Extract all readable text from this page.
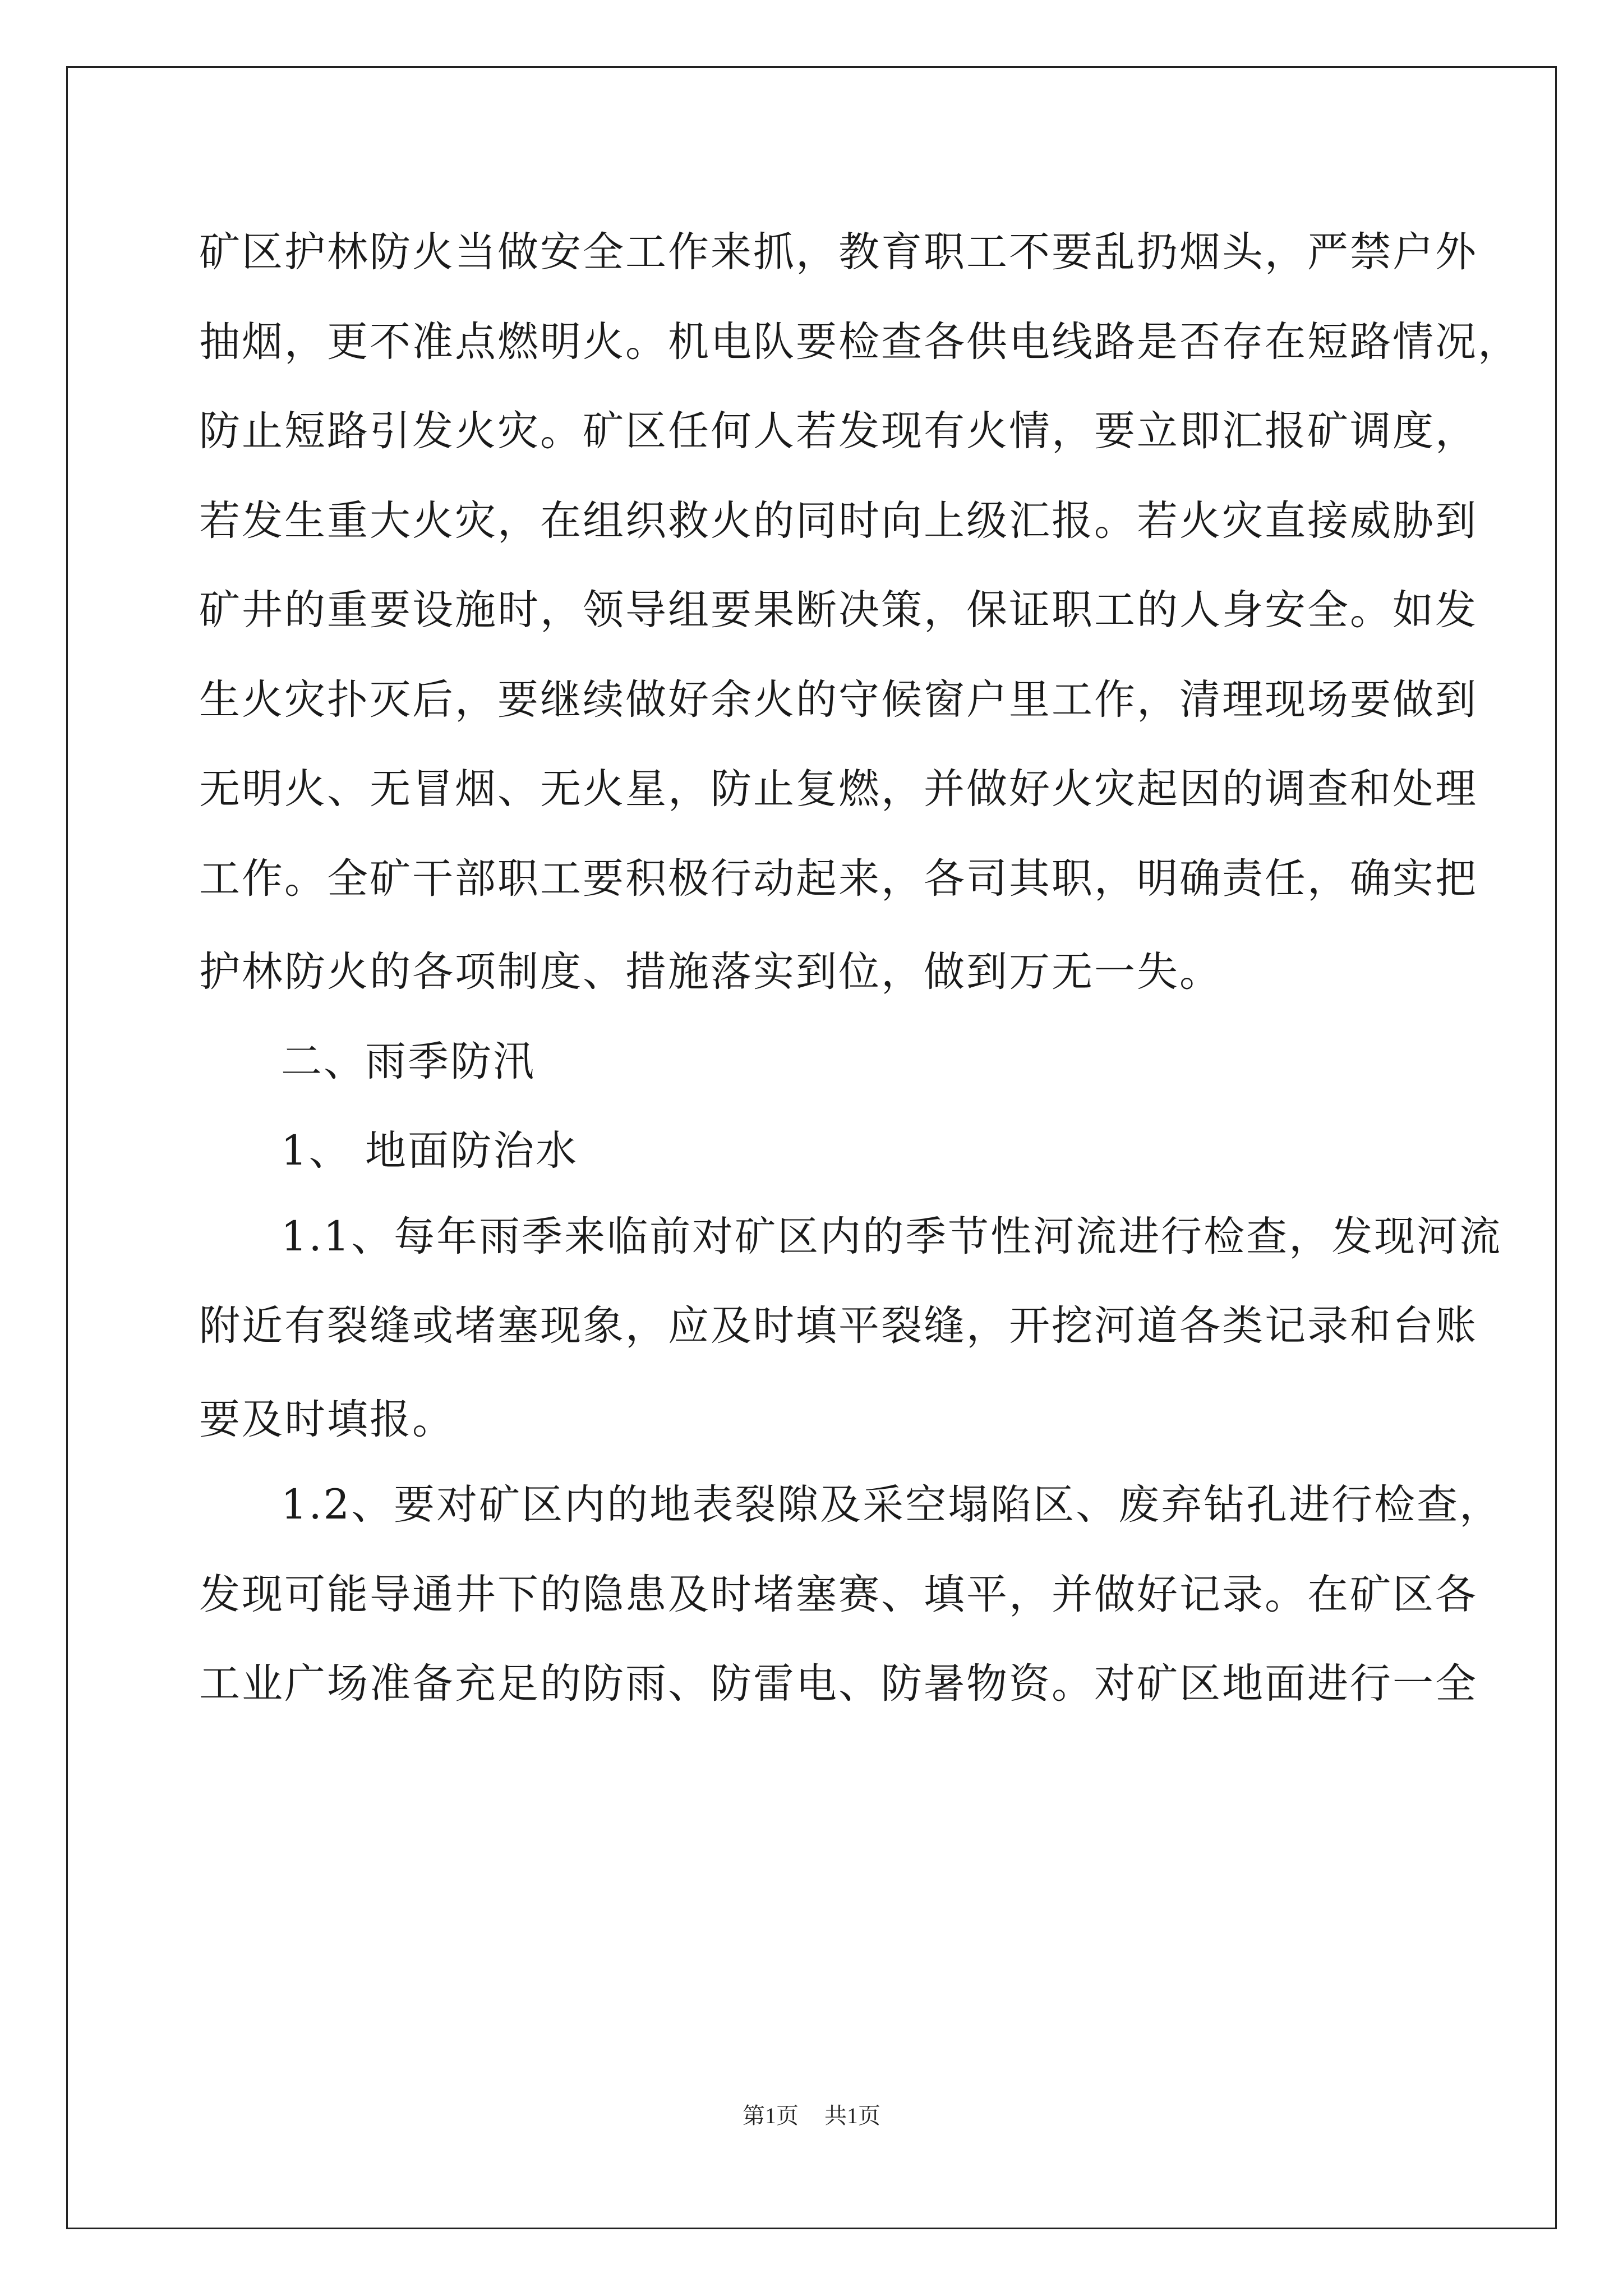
矿区护林防火当做安全工作来抓，教育职工不要乱扔烟头，严禁户外
抽烟，更不准点燃明火。机电队要检查各供电线路是否存在短路情况，
防止短路引发火灾。矿区任何人若发现有火情，要立即汇报矿调度，
若发生重大火灾，在组织救火的同时向上级汇报。若火灾直接威胁到
矿井的重要设施时，领导组要果断决策，保证职工的人身安全。如发
生火灾扑灭后，要继续做好余火的守候窗户里工作，清理现场要做到
无明火、无冒烟、无火星，防止复燃，并做好火灾起因的调查和处理
工作。全矿干部职工要积极行动起来，各司其职，明确责任，确实把
护林防火的各项制度、措施落实到位，做到万无一失。
二、
雨季防汛
1、 地面防治水
1.1、每年雨季来临前对矿区内的季节性河流进行检查，发现河流
附近有裂缝或堵塞现象，应及时填平裂缝，开挖河道各类记录和台账
要及时填报。
1.2、要对矿区内的地表裂隙及采空塌陷区、废弃钻孔进行检查，
发现可能导通井下的隐患及时堵塞赛、填平，并做好记录。在矿区各
工业广场准备充足的防雨、防雷电、防暑物资。对矿区地面进行一全
第1页 共1页
